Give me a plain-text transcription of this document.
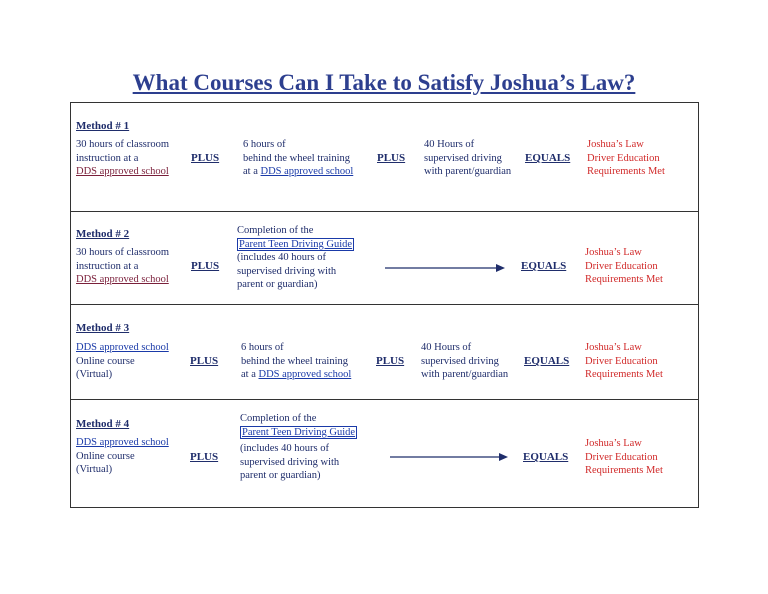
What Courses Can I Take to Satisfy Joshua’s Law?
Method # 1
30 hours of classroom
instruction at a
DDS approved school
PLUS
6 hours of
behind the wheel training
at a DDS approved school
PLUS
40 Hours of
supervised driving
with parent/guardian
EQUALS
Joshua’s Law
Driver Education
Requirements Met
Method # 2
30 hours of classroom
instruction at a
DDS approved school
PLUS
Completion of the
Parent Teen Driving Guide
(includes 40 hours of
supervised driving with
parent or guardian)
EQUALS
Joshua’s Law
Driver Education
Requirements Met
Method # 3
DDS approved school
Online course
(Virtual)
PLUS
6 hours of
behind the wheel training
at a DDS approved school
PLUS
40 Hours of
supervised driving
with parent/guardian
EQUALS
Joshua’s Law
Driver Education
Requirements Met
Method # 4
DDS approved school
Online course
(Virtual)
PLUS
Completion of the
Parent Teen Driving Guide
(includes 40 hours of
supervised driving with
parent or guardian)
EQUALS
Joshua’s Law
Driver Education
Requirements Met
